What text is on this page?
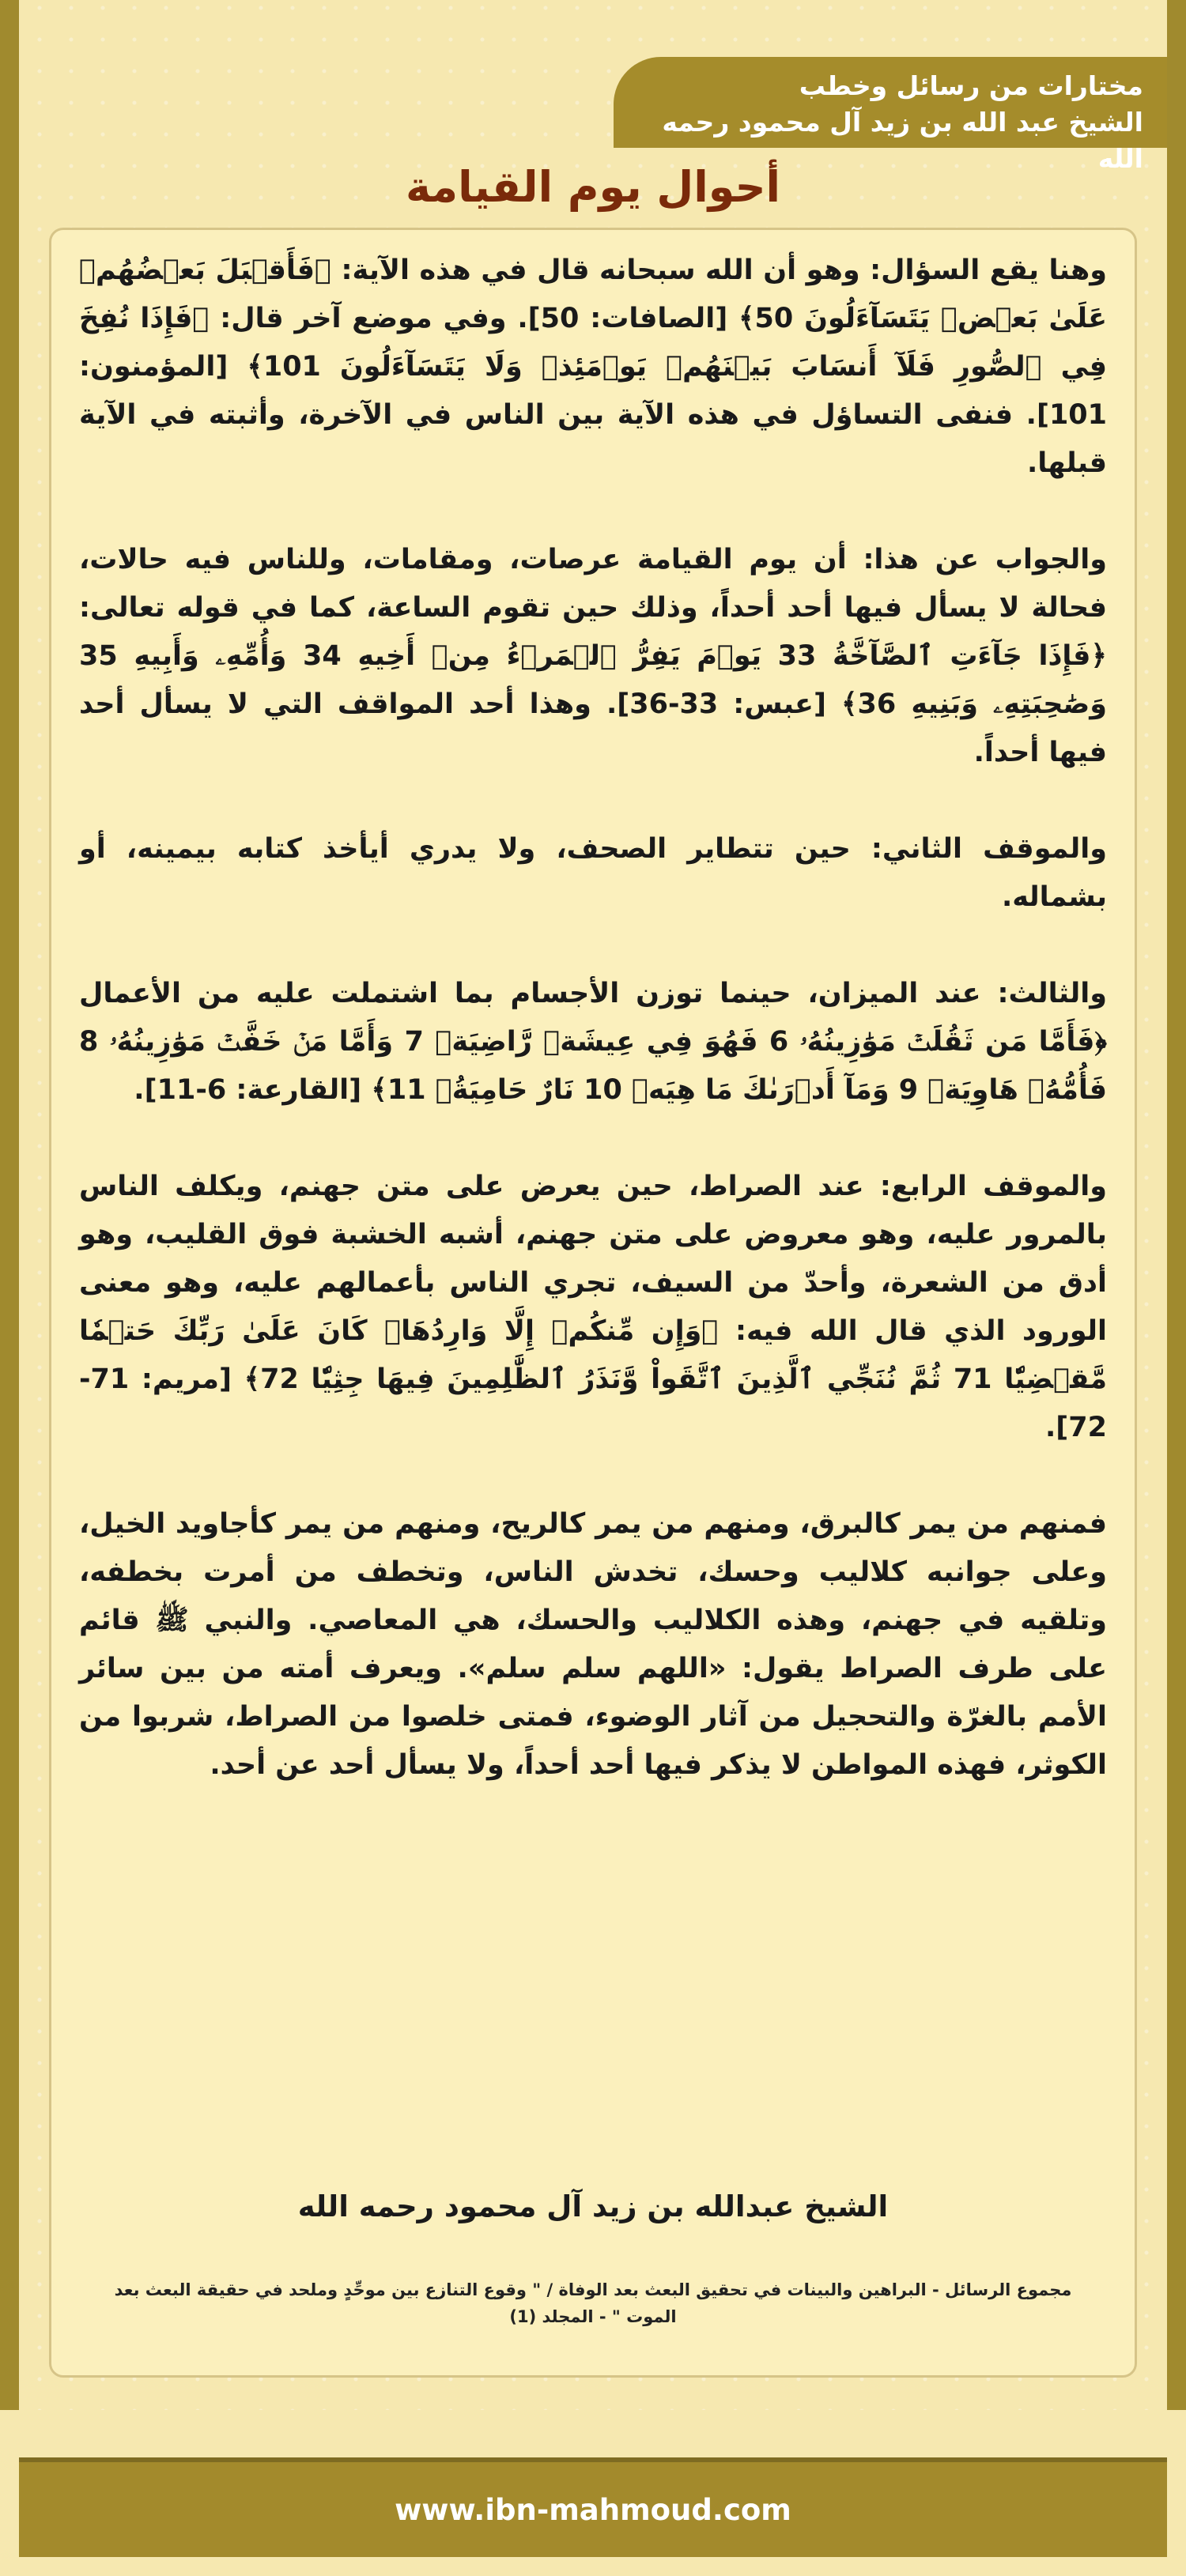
مختارات من رسائل وخطب
الشيخ عبد الله بن زيد آل محمود رحمه الله
أحوال يوم القيامة

وهنا يقع السؤال: وهو أن الله سبحانه قال في هذه الآية: ﴿فَأَقۡبَلَ بَعۡضُهُمۡ عَلَىٰ بَعۡضٖ يَتَسَآءَلُونَ 50﴾ [الصافات: 50]. وفي موضع آخر قال: ﴿فَإِذَا نُفِخَ فِي ٱلصُّورِ فَلَآ أَنسَابَ بَيۡنَهُمۡ يَوۡمَئِذٖ وَلَا يَتَسَآءَلُونَ 101﴾ [المؤمنون: 101]. فنفى التساؤل في هذه الآية بين الناس في الآخرة، وأثبته في الآية قبلها.

والجواب عن هذا: أن يوم القيامة عرصات، ومقامات، وللناس فيه حالات، فحالة لا يسأل فيها أحد أحداً، وذلك حين تقوم الساعة، كما في قوله تعالى: ﴿فَإِذَا جَآءَتِ ٱلصَّآخَّةُ 33 يَوۡمَ يَفِرُّ ٱلۡمَرۡءُ مِنۡ أَخِيهِ 34 وَأُمِّهِۦ وَأَبِيهِ 35 وَصَٰحِبَتِهِۦ وَبَنِيهِ 36﴾ [عبس: 33-36]. وهذا أحد المواقف التي لا يسأل أحد فيها أحداً.

والموقف الثاني: حين تتطاير الصحف، ولا يدري أيأخذ كتابه بيمينه، أو بشماله.

والثالث: عند الميزان، حينما توزن الأجسام بما اشتملت عليه من الأعمال ﴿فَأَمَّا مَن ثَقُلَتۡ مَوَٰزِينُهُۥ 6 فَهُوَ فِي عِيشَةٖ رَّاضِيَةٖ 7 وَأَمَّا مَنۡ خَفَّتۡ مَوَٰزِينُهُۥ 8 فَأُمُّهُۥ هَاوِيَةٞ 9 وَمَآ أَدۡرَىٰكَ مَا هِيَهۡ 10 نَارٌ حَامِيَةُۢ 11﴾ [القارعة: 6-11].

والموقف الرابع: عند الصراط، حين يعرض على متن جهنم، ويكلف الناس بالمرور عليه، وهو معروض على متن جهنم، أشبه الخشبة فوق القليب، وهو أدق من الشعرة، وأحدّ من السيف، تجري الناس بأعمالهم عليه، وهو معنى الورود الذي قال الله فيه: ﴿وَإِن مِّنكُمۡ إِلَّا وَارِدُهَاۚ كَانَ عَلَىٰ رَبِّكَ حَتۡمٗا مَّقۡضِيّٗا 71 ثُمَّ نُنَجِّي ٱلَّذِينَ ٱتَّقَواْ وَّنَذَرُ ٱلظَّٰلِمِينَ فِيهَا جِثِيّٗا 72﴾ [مريم: 71-72].

فمنهم من يمر كالبرق، ومنهم من يمر كالريح، ومنهم من يمر كأجاويد الخيل، وعلى جوانبه كلاليب وحسك، تخدش الناس، وتخطف من أمرت بخطفه، وتلقيه في جهنم، وهذه الكلاليب والحسك، هي المعاصي. والنبي ﷺ قائم على طرف الصراط يقول: «اللهم سلم سلم». ويعرف أمته من بين سائر الأمم بالغرّة والتحجيل من آثار الوضوء، فمتى خلصوا من الصراط، شربوا من الكوثر، فهذه المواطن لا يذكر فيها أحد أحداً، ولا يسأل أحد عن أحد.

الشيخ عبدالله بن زيد آل محمود رحمه الله
مجموع الرسائل - البراهين والبينات في تحقيق البعث بعد الوفاة / " وقوع التنازع بين موحِّدٍ وملحد في حقيقة البعث بعد الموت " - المجلد (1)
www.ibn-mahmoud.com
